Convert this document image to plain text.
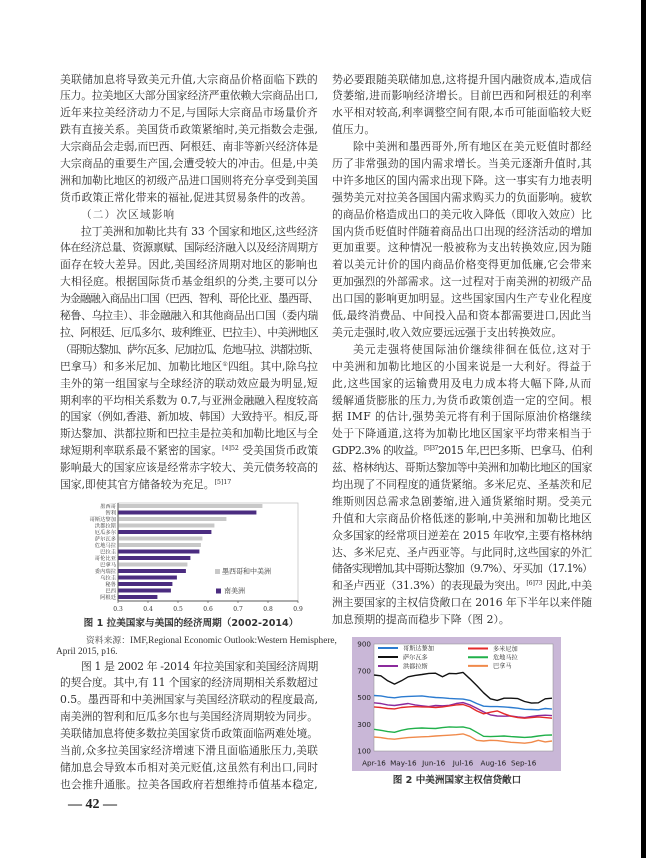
美联储加息将导致美元升值,大宗商品价格面临下跌的
压力。拉美地区大部分国家经济严重依赖大宗商品出口,
近年来拉美经济动力不足,与国际大宗商品市场量价齐
跌有直接关系。美国货币政策紧缩时,美元指数会走强,
大宗商品会走弱,而巴西、阿根廷、南非等新兴经济体是
大宗商品的重要生产国,会遭受较大的冲击。但是,中美
洲和加勒比地区的初级产品进口国则将充分享受到美国
货币政策正常化带来的福祉,促进其贸易条件的改善。
（二）次区域影响
拉丁美洲和加勒比共有 33 个国家和地区,这些经济
体在经济总量、资源禀赋、国际经济融入以及经济周期方
面存在较大差异。因此,美国经济周期对地区的影响也
大相径庭。根据国际货币基金组织的分类,主要可以分
为金融融入商品出口国（巴西、智利、哥伦比亚、墨西哥、
秘鲁、乌拉圭）、非金融融入和其他商品出口国（委内瑞
拉、阿根廷、厄瓜多尔、玻利维亚、巴拉圭）、中美洲地区
（哥斯达黎加、萨尔瓦多、尼加拉瓜、危地马拉、洪都拉斯、
巴拿马）和多米尼加、加勒比地区①四组。其中,除乌拉
圭外的第一组国家与全球经济的联动效应最为明显,短
期利率的平均相关系数为 0.7,与亚洲金融融入程度较高
的国家（例如,香港、新加坡、韩国）大致持平。相反,哥
斯达黎加、洪都拉斯和巴拉圭是拉美和加勒比地区与全
球短期利率联系最不紧密的国家。$^{[4]52}$ 受美国货币政策
影响最大的国家应该是经常赤字较大、美元债务较高的
国家,即使其官方储备较为充足。$^{[5]17}$
墨西哥
智利
哥斯达黎加
洪都拉斯
厄瓜多尔
萨尔瓦多
危地马拉
巴拉圭
哥伦比亚
巴拿马
委内瑞拉
乌拉圭
秘鲁
巴西
阿根廷
0.3	0.4	0.5	0.6	0.7	0.8	0.9
墨西哥和中美洲
南美洲
图 1 拉美国家与美国的经济周期（2002-2014）
资料来源：IMF,Regional Economic Outlook:Western Hemisphere,
April 2015, p16.
图 1 是 2002 年 -2014 年拉美国家和美国经济周期
的契合度。其中,有 11 个国家的经济周期相关系数超过
0.5。墨西哥和中美洲国家与美国经济联动的程度最高,
南美洲的智利和厄瓜多尔也与美国经济周期较为同步。
美联储加息将使多数拉美国家货币政策面临两难处境。
当前,众多拉美国家经济增速下滑且面临通胀压力,美联
储加息会导致本币相对美元贬值,这虽然有利出口,同时
也会推升通胀。拉美各国政府若想维持币值基本稳定,
势必要跟随美联储加息,这将提升国内融资成本,造成信
贷萎缩,进而影响经济增长。目前巴西和阿根廷的利率
水平相对较高,利率调整空间有限,本币可能面临较大贬
值压力。
除中美洲和墨西哥外,所有地区在美元贬值时都经
历了非常强劲的国内需求增长。当美元逐渐升值时,其
中许多地区的国内需求出现下降。这一事实有力地表明
强势美元对拉美各国国内需求购买力的负面影响。疲软
的商品价格造成出口的美元收入降低（即收入效应）比
国内货币贬值时伴随着商品出口出现的经济活动的增加
更加重要。这种情况一般被称为支出转换效应,因为随
着以美元计价的国内商品价格变得更加低廉,它会带来
更加强烈的外部需求。这一过程对于南美洲的初级产品
出口国的影响更加明显。这些国家国内生产专业化程度
低,最终消费品、中间投入品和资本都需要进口,因此当
美元走强时,收入效应要远远强于支出转换效应。
美元走强将使国际油价继续徘徊在低位,这对于
中美洲和加勒比地区的小国来说是一大利好。得益于
此,这些国家的运输费用及电力成本将大幅下降,从而
缓解通货膨胀的压力,为货币政策创造一定的空间。根
据 IMF 的估计,强势美元将有利于国际原油价格继续
处于下降通道,这将为加勒比地区国家平均带来相当于
GDP2.3% 的收益。$^{[5]37}$2015 年,巴巴多斯、巴拿马、伯利
兹、格林纳达、哥斯达黎加等中美洲和加勒比地区的国家
均出现了不同程度的通货紧缩。多米尼克、圣基茨和尼
维斯则因总需求急剧萎缩,进入通货紧缩时期。受美元
升值和大宗商品价格低迷的影响,中美洲和加勒比地区
众多国家的经常项目逆差在 2015 年收窄,主要有格林纳
达、多米尼克、圣卢西亚等。与此同时,这些国家的外汇
储备实现增加,其中哥斯达黎加（9.7%）、牙买加（17.1%）
和圣卢西亚（31.3%）的表现最为突出。$^{[6]73}$ 因此,中美
洲主要国家的主权信贷敞口在 2016 年下半年以来伴随
加息预期的提高而稳步下降（图 2）。
100
300
500
700
900
Apr-16 May-16 Jun-16 Jul-16 Aug-16 Sep-16
哥斯达黎加
萨尔瓦多
洪都拉斯
多米尼加
危地马拉
巴拿马
图 2 中美洲国家主权信贷敞口
— 42 —
